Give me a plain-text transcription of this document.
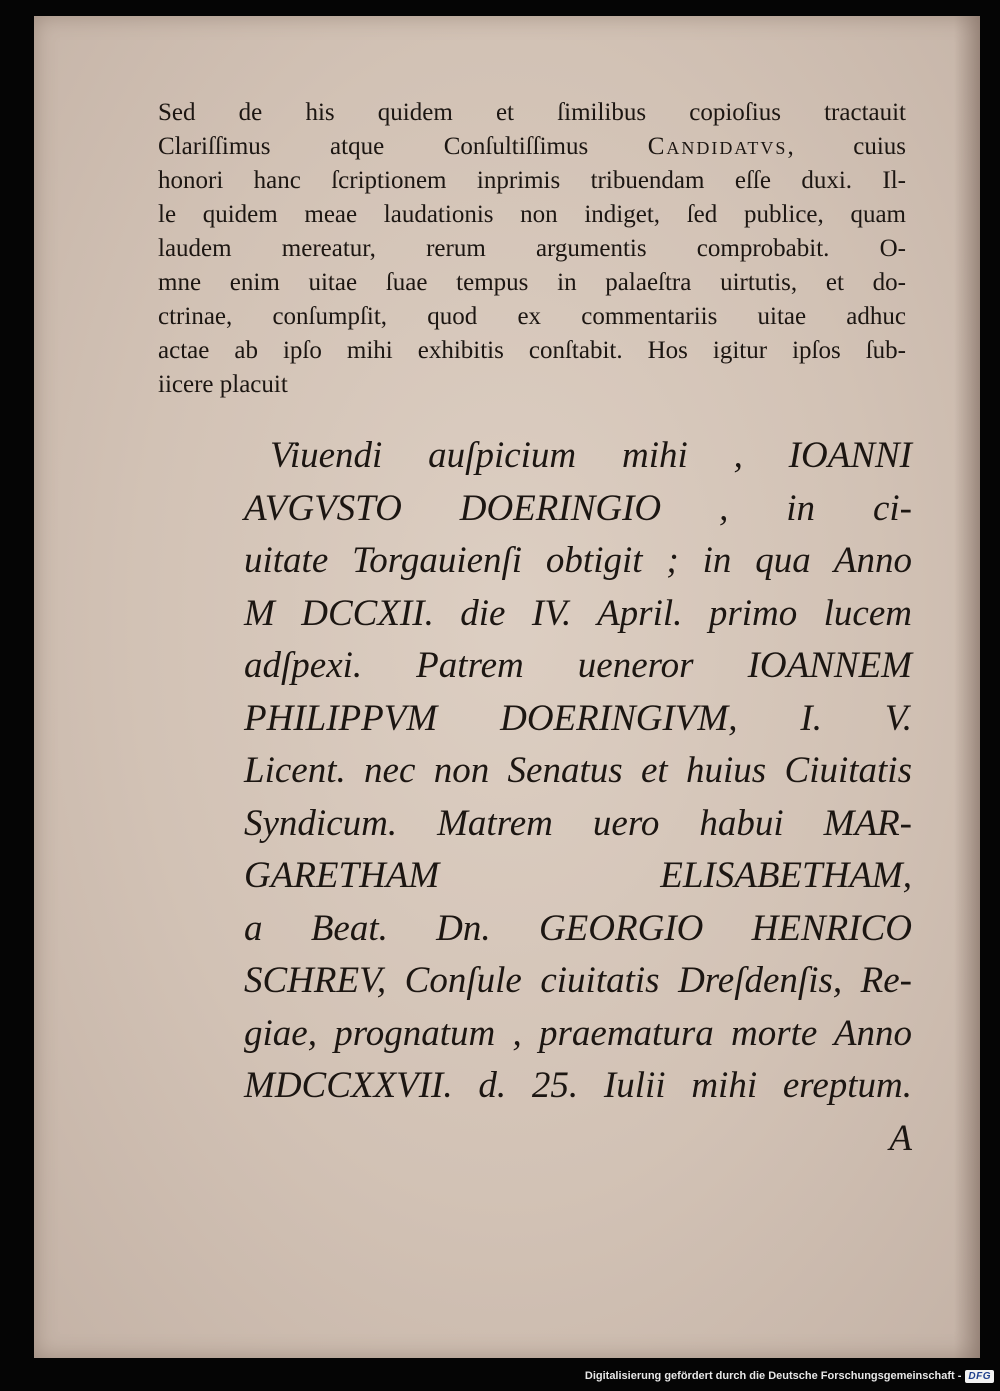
Sed de his quidem et ſimilibus copioſius tractauit
Clariſſimus atque Conſultiſſimus Candidatvs, cuius
honori hanc ſcriptionem inprimis tribuendam eſſe duxi. Il-
le quidem meae laudationis non indiget, ſed publice, quam
laudem mereatur, rerum argumentis comprobabit. O-
mne enim uitae ſuae tempus in palaeſtra uirtutis, et do-
ctrinae, conſumpſit, quod ex commentariis uitae adhuc
actae ab ipſo mihi exhibitis conſtabit. Hos igitur ipſos ſub-
iicere placuit
Viuendi auſpicium mihi , IOANNI
AVGVSTO DOERINGIO , in ci-
uitate Torgauienſi obtigit ; in qua Anno
M DCCXII. die IV. April. primo lucem
adſpexi. Patrem ueneror IOANNEM
PHILIPPVM DOERINGIVM, I. V.
Licent. nec non Senatus et huius Ciuitatis
Syndicum. Matrem uero habui MAR-
GARETHAM ELISABETHAM,
a Beat. Dn. GEORGIO HENRICO
SCHREV, Conſule ciuitatis Dreſdenſis, Re-
giae, prognatum , praematura morte Anno
MDCCXXVII. d. 25. Iulii mihi ereptum.
A
Digitalisierung gefördert durch die Deutsche Forschungsgemeinschaft - DFG
